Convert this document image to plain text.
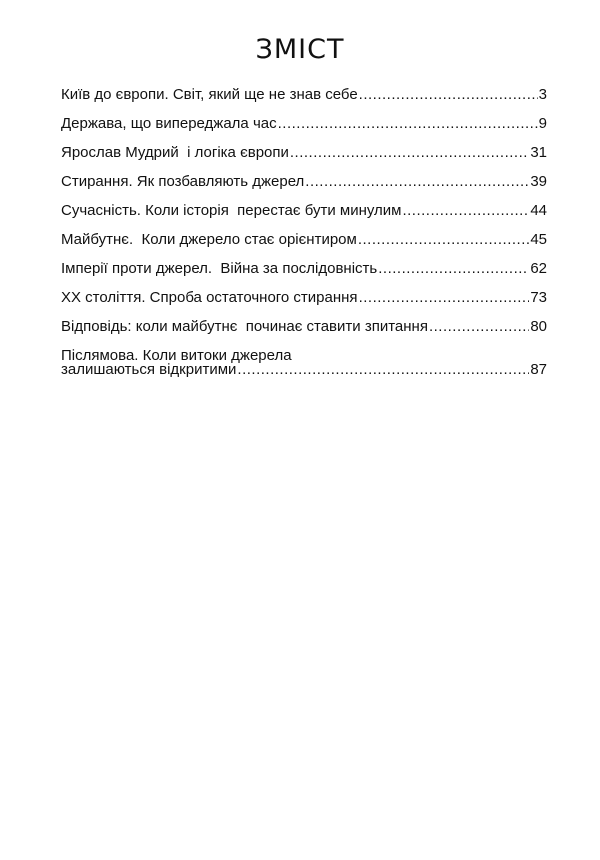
ЗМІСТ
Київ до європи. Світ, який ще не знав себе .....	3
Держава, що випереджала час .....	9
Ярослав Мудрий  і логіка європи .....	31
Стирання. Як позбавляють джерел .....	39
Сучасність. Коли історія  перестає бути минулим .....	44
Майбутнє.  Коли джерело стає орієнтиром .....	45
Імперії проти джерел.  Війна за послідовність .....	62
XX століття. Спроба остаточного стирання .....	73
Відповідь: коли майбутнє  починає ставити зпитання .....	80
Післямова. Коли витоки джерела
залишаються відкритими .....	87
